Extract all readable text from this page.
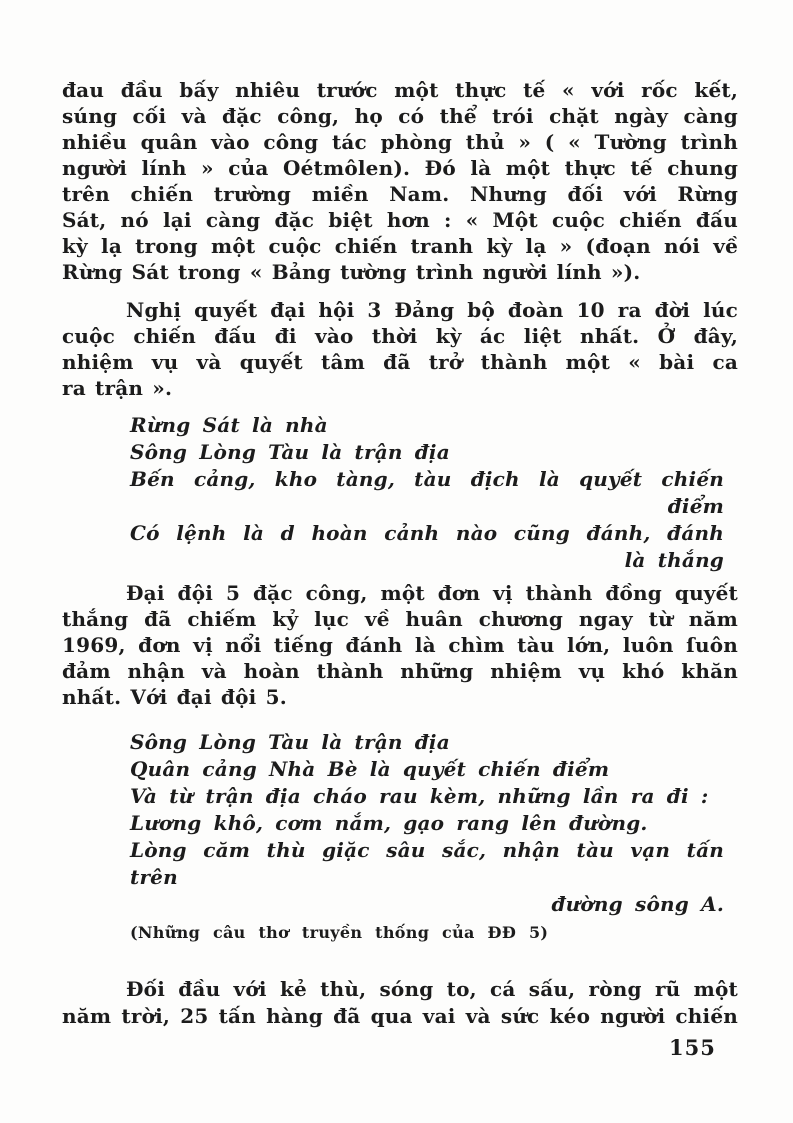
đau đầu bấy nhiêu trước một thực tế « với rốc kết,
súng cối và đặc công, họ có thể trói chặt ngày càng
nhiều quân vào công tác phòng thủ » ( « Tường trình
người lính » của Oétmôlen). Đó là một thực tế chung
trên chiến trường miền Nam. Nhưng đối với Rừng
Sát, nó lại càng đặc biệt hơn : « Một cuộc chiến đấu
kỳ lạ trong một cuộc chiến tranh kỳ lạ » (đoạn nói về
Rừng Sát trong « Bảng tường trình người lính »).
Nghị quyết đại hội 3 Đảng bộ đoàn 10 ra đời lúc
cuộc chiến đấu đi vào thời kỳ ác liệt nhất. Ở đây,
nhiệm vụ và quyết tâm đã trở thành một « bài ca
ra trận ».
Rừng Sát là nhà
Sông Lòng Tàu là trận địa
Bến cảng, kho tàng, tàu địch là quyết chiến
điểm
Có lệnh là d hoàn cảnh nào cũng đánh, đánh
là thắng
Đại đội 5 đặc công, một đơn vị thành đồng quyết
thắng đã chiếm kỷ lục về huân chương ngay từ năm
1969, đơn vị nổi tiếng đánh là chìm tàu lớn, luôn ſuôn
đảm nhận và hoàn thành những nhiệm vụ khó khăn
nhất. Với đại đội 5.
Sông Lòng Tàu là trận địa
Quân cảng Nhà Bè là quyết chiến điểm
Và từ trận địa cháo rau kèm, những lần ra đi :
Lương khô, cơm nắm, gạo rang lên đường.
Lòng căm thù giặc sâu sắc, nhận tàu vạn tấn trên
đường sông A.
(Những câu thơ truyền thống của ĐĐ 5)
Đối đầu với kẻ thù, sóng to, cá sấu, ròng rũ một
năm trời, 25 tấn hàng đã qua vai và sức kéo người chiến
155
